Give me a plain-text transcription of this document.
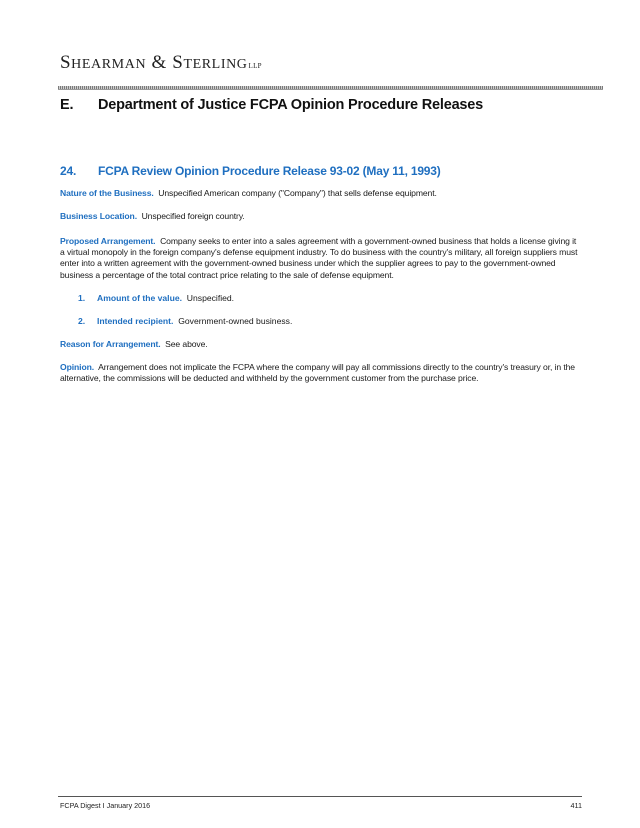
SHEARMAN & STERLINGLLP
E. Department of Justice FCPA Opinion Procedure Releases
24. FCPA Review Opinion Procedure Release 93-02 (May 11, 1993)
Nature of the Business. Unspecified American company ("Company") that sells defense equipment.
Business Location. Unspecified foreign country.
Proposed Arrangement. Company seeks to enter into a sales agreement with a government-owned business that holds a license giving it a virtual monopoly in the foreign company's defense equipment industry. To do business with the country's military, all foreign suppliers must enter into a written agreement with the government-owned business under which the supplier agrees to pay to the government-owned business a percentage of the total contract price relating to the sale of defense equipment.
1. Amount of the value. Unspecified.
2. Intended recipient. Government-owned business.
Reason for Arrangement. See above.
Opinion. Arrangement does not implicate the FCPA where the company will pay all commissions directly to the country's treasury or, in the alternative, the commissions will be deducted and withheld by the government customer from the purchase price.
FCPA Digest I January 2016	411
